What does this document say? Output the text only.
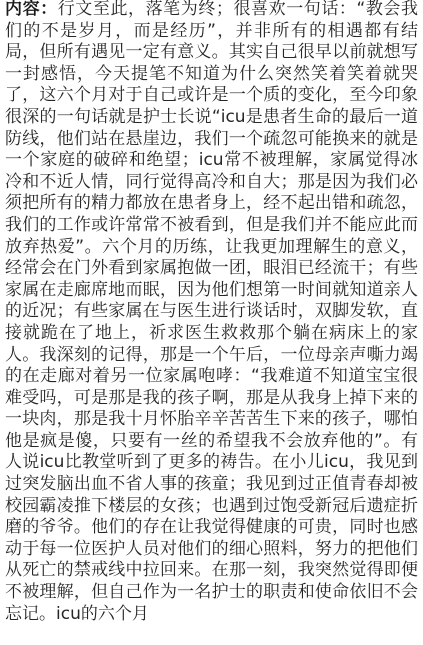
内容：行文至此，落笔为终；很喜欢一句话：“教会我们的不是岁月，而是经历”，并非所有的相遇都有结局，但所有遇见一定有意义。其实自己很早以前就想写一封感悟，今天提笔不知道为什么突然笑着笑着就哭了，这六个月对于自己或许是一个质的变化，至今印象很深的一句话就是护士长说“icu是患者生命的最后一道防线，他们站在悬崖边，我们一个疏忽可能换来的就是一个家庭的破碎和绝望；icu常不被理解，家属觉得冰冷和不近人情，同行觉得高冷和自大；那是因为我们必须把所有的精力都放在患者身上，经不起出错和疏忽，我们的工作或许常常不被看到，但是我们并不能应此而放弃热爱”。六个月的历练，让我更加理解生的意义，经常会在门外看到家属抱做一团，眼泪已经流干；有些家属在走廊席地而眠，因为他们想第一时间就知道亲人的近况；有些家属在与医生进行谈话时，双脚发软，直接就跪在了地上，祈求医生救救那个躺在病床上的家人。我深刻的记得，那是一个午后，一位母亲声嘶力竭的在走廊对着另一位家属咆哮：“我难道不知道宝宝很难受吗，可是那是我的孩子啊，那是从我身上掉下来的一块肉，那是我十月怀胎辛辛苦苦生下来的孩子，哪怕他是疯是傻，只要有一丝的希望我不会放弃他的”。有人说icu比教堂听到了更多的祷告。在小儿icu，我见到过突发脑出血不省人事的孩童；我见到过正值青春却被校园霸凌推下楼层的女孩；也遇到过饱受新冠后遗症折磨的爷爷。他们的存在让我觉得健康的可贵，同时也感动于每一位医护人员对他们的细心照料，努力的把他们从死亡的禁戒线中拉回来。在那一刻，我突然觉得即便不被理解，但自己作为一名护士的职责和使命依旧不会忘记。icu的六个月
